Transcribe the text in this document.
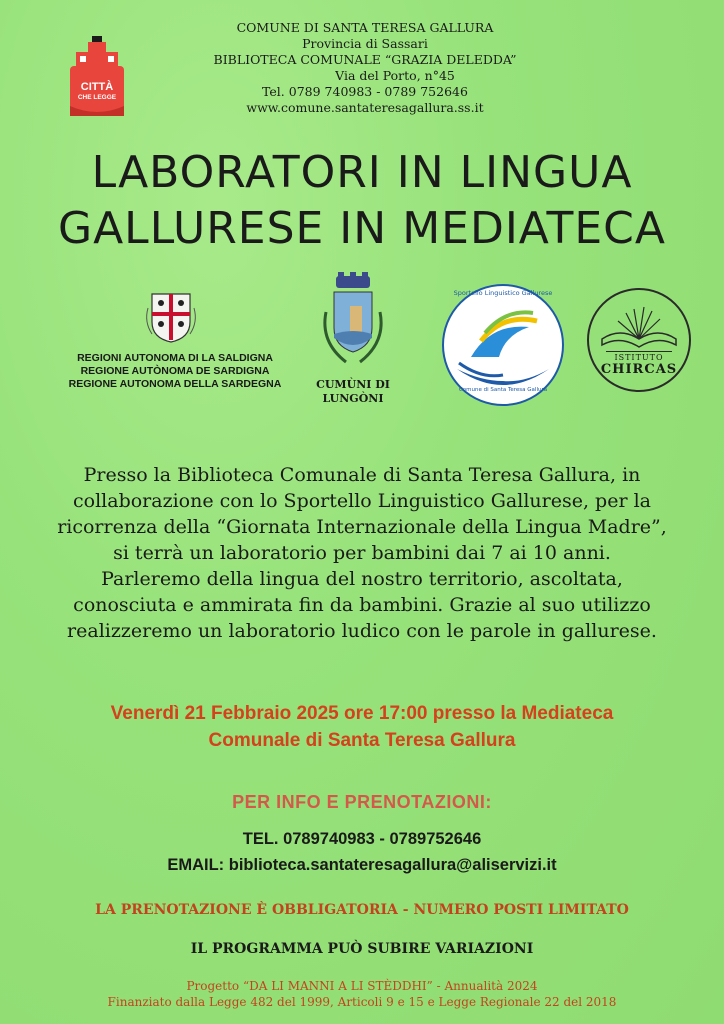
CITTÀ
CHE LEGGE
COMUNE DI SANTA TERESA GALLURA
Provincia di Sassari
BIBLIOTECA COMUNALE “GRAZIA DELEDDA”
Via del Porto, n°45
Tel. 0789 740983 - 0789 752646
www.comune.santateresagallura.ss.it
LABORATORI IN LINGUA
GALLURESE IN MEDIATECA
REGIONI AUTONOMA DI LA SALDIGNA
REGIONE AUTÒNOMA DE SARDIGNA
REGIONE AUTONOMA DELLA SARDEGNA	CUMÙNI DI
LUNGÒNI
Sportello Linguistico Gallurese
Comune di Santa Teresa Gallura
ISTITUTO
CHIRCAS
Presso la Biblioteca Comunale di Santa Teresa Gallura, in
collaborazione con lo Sportello Linguistico Gallurese, per la
ricorrenza della “Giornata Internazionale della Lingua Madre”,
si terrà un laboratorio per bambini dai 7 ai 10 anni.
Parleremo della lingua del nostro territorio, ascoltata,
conosciuta e ammirata fin da bambini. Grazie al suo utilizzo
realizzeremo un laboratorio ludico con le parole in gallurese.
Venerdì 21 Febbraio 2025 ore 17:00 presso la Mediateca
Comunale di Santa Teresa Gallura
PER INFO E PRENOTAZIONI:
TEL. 0789740983 - 0789752646
EMAIL: biblioteca.santateresagallura@aliservizi.it
LA PRENOTAZIONE È OBBLIGATORIA - NUMERO POSTI LIMITATO
IL PROGRAMMA PUÒ SUBIRE VARIAZIONI
Progetto “DA LI MANNI A LI STÈDDHI” - Annualità 2024
Finanziato dalla Legge 482 del 1999, Articoli 9 e 15 e Legge Regionale 22 del 2018
